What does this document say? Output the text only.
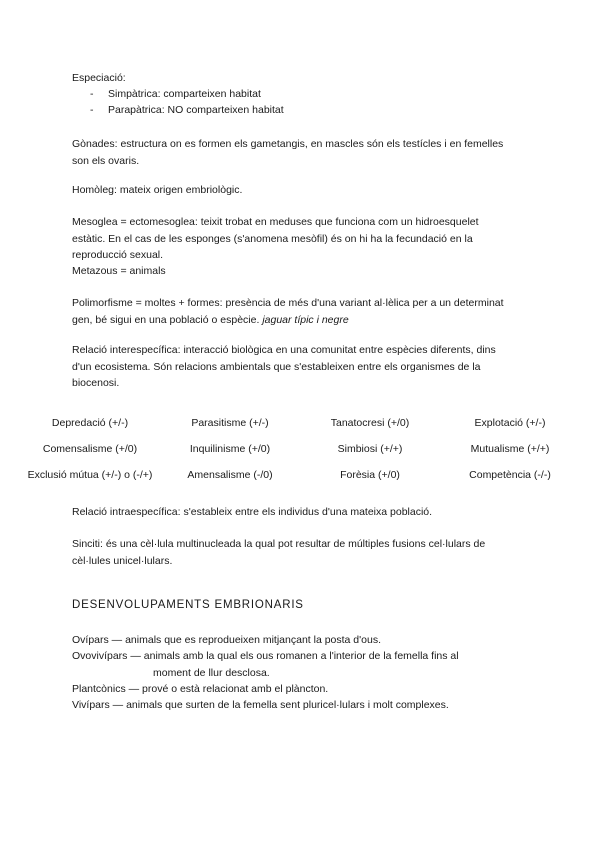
Especiació:
- Simpàtrica: comparteixen habitat
- Parapàtrica: NO comparteixen habitat
Gònades: estructura on es formen els gametangis, en mascles són els testícles i en femelles son els ovaris.
Homòleg: mateix origen embriològic.
Mesoglea = ectomesoglea: teixit trobat en meduses que funciona com un hidroesquelet estàtic. En el cas de les esponges (s'anomena mesòfil) és on hi ha la fecundació en la reproducció sexual.
Metazous = animals
Polimorfisme = moltes + formes: presència de més d'una variant al·lèlica per a un determinat gen, bé sigui en una població o espècie. jaguar típic i negre
Relació interespecífica: interacció biològica en una comunitat entre espècies diferents, dins d'un ecosistema. Són relacions ambientals que s'estableixen entre els organismes de la biocenosi.
Depredació (+/-)	Parasitisme (+/-)	Tanatocresi (+/0)	Explotació (+/-)
Comensalisme (+/0)	Inquilinisme (+/0)	Simbiosi (+/+)	Mutualisme (+/+)
Exclusió mútua (+/-) o (-/+)	Amensalisme (-/0)	Forèsia (+/0)	Competència (-/-)
Relació intraespecífica: s'estableix entre els individus d'una mateixa població.
Sinciti: és una cèl·lula multinucleada la qual pot resultar de múltiples fusions cel·lulars de cèl·lules unicel·lulars.
DESENVOLUPAMENTS EMBRIONARIS
Ovípars — animals que es reprodueixen mitjançant la posta d'ous.
Ovovivípars — animals amb la qual els ous romanen a l'interior de la femella fins al
moment de llur desclosa.
Plantcònics — prové o està relacionat amb el plàncton.
Vivípars — animals que surten de la femella sent pluricel·lulars i molt complexes.
